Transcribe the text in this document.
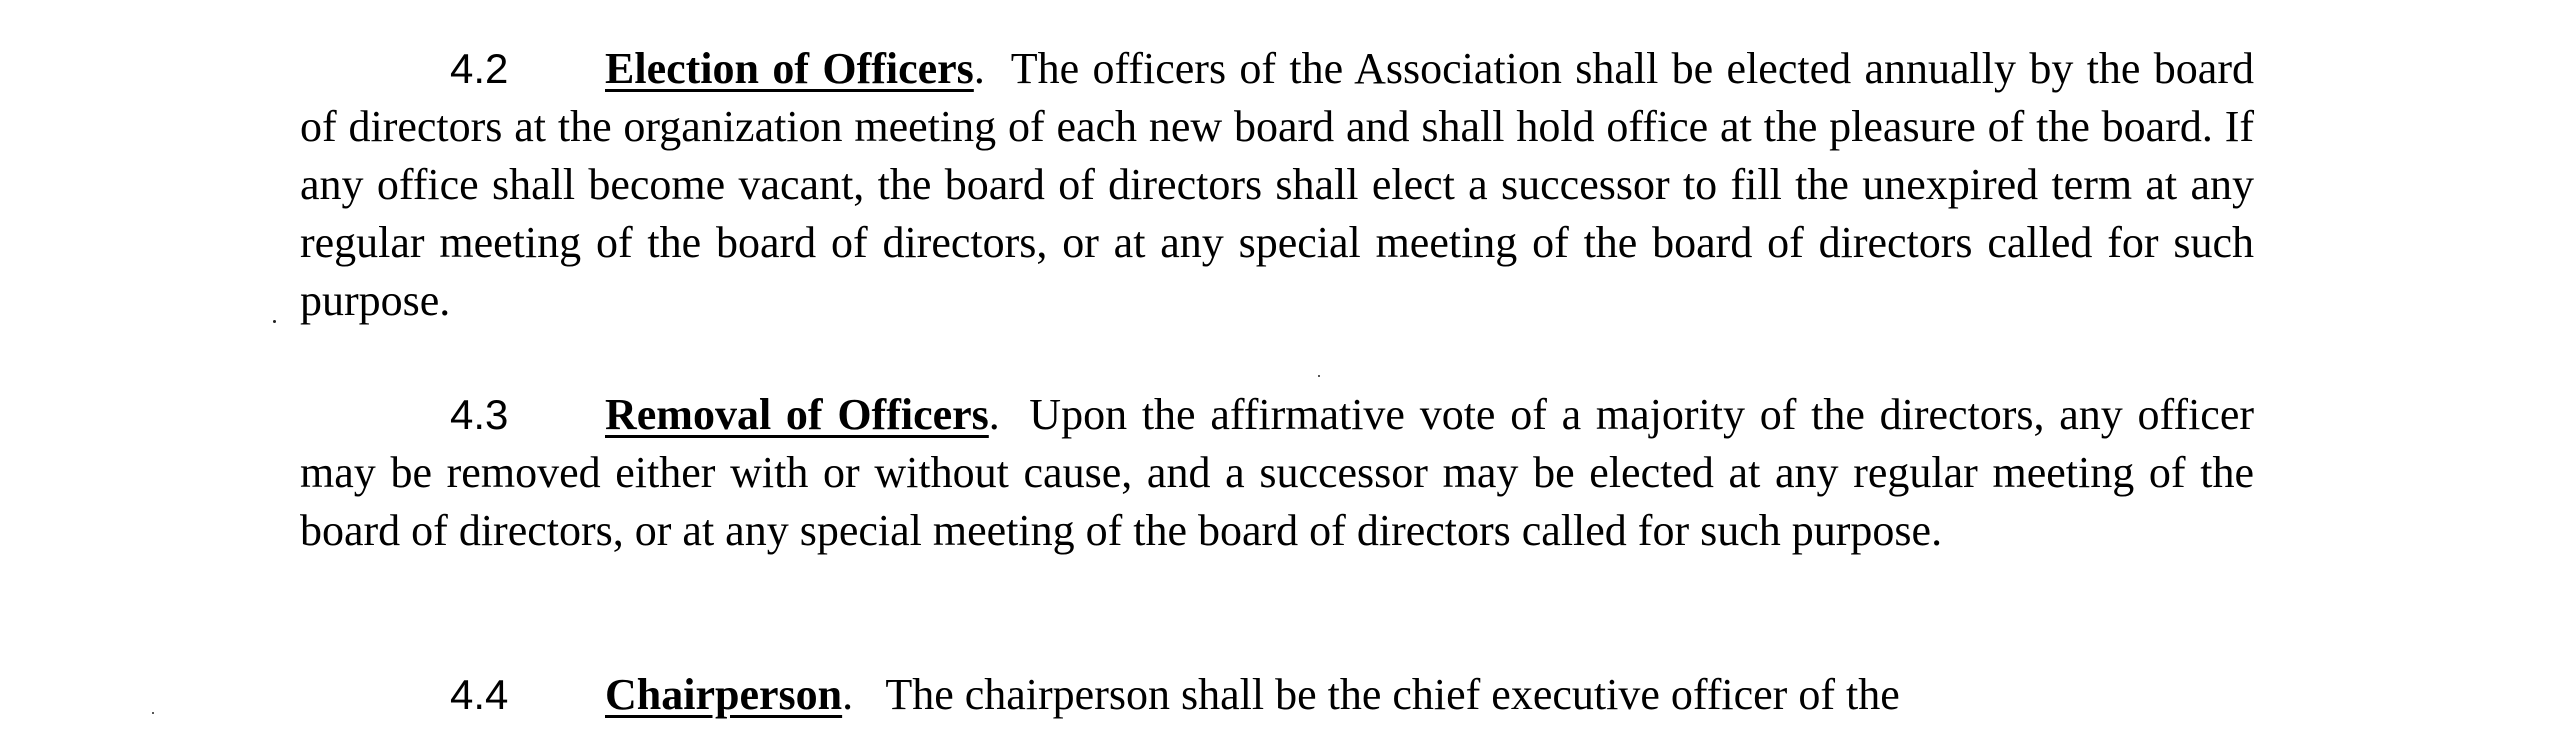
4.2 Election of Officers. The officers of the Association shall be elected annually by the board of directors at the organization meeting of each new board and shall hold office at the pleasure of the board. If any office shall become vacant, the board of directors shall elect a successor to fill the unexpired term at any regular meeting of the board of directors, or at any special meeting of the board of directors called for such purpose.

4.3 Removal of Officers. Upon the affirmative vote of a majority of the directors, any officer may be removed either with or without cause, and a successor may be elected at any regular meeting of the board of directors, or at any special meeting of the board of directors called for such purpose.

4.4 Chairperson. The chairperson shall be the chief executive officer of the
